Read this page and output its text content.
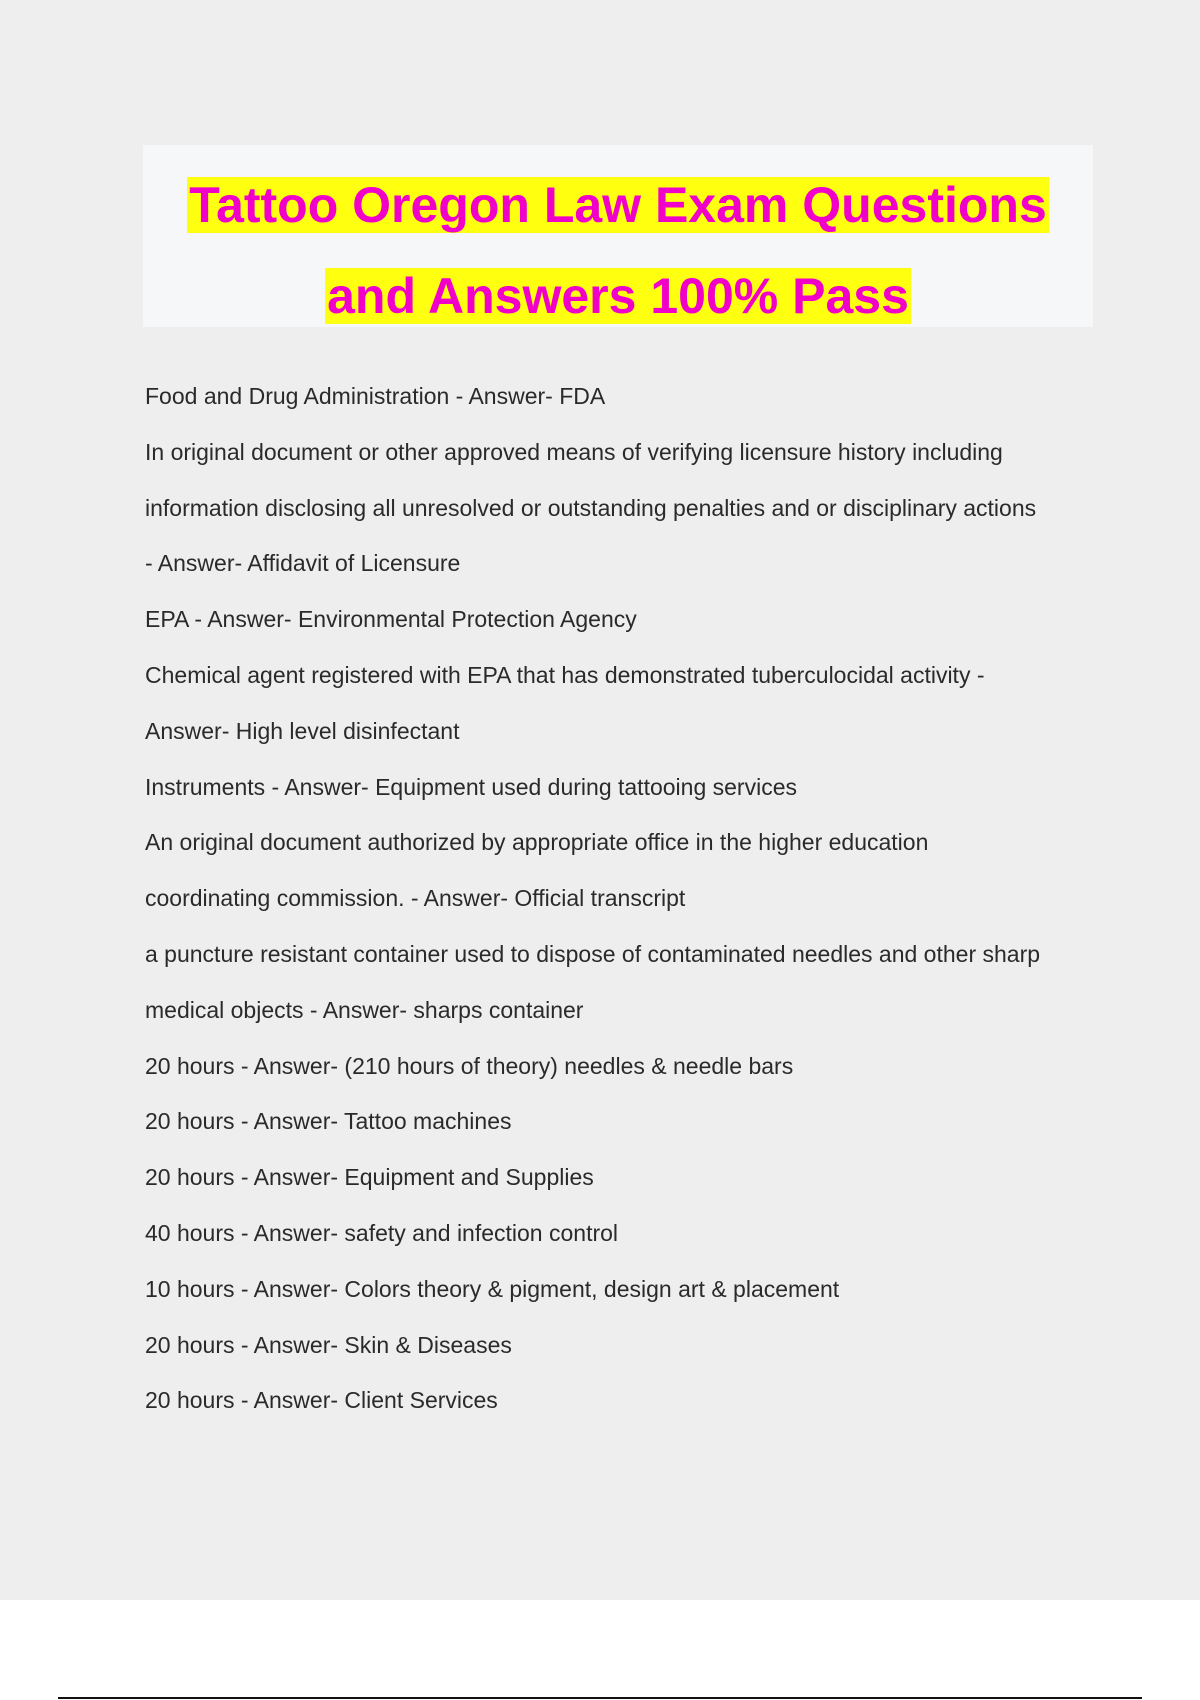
Tattoo Oregon Law Exam Questions
and Answers 100% Pass
Food and Drug Administration - Answer- FDA
In original document or other approved means of verifying licensure history including
information disclosing all unresolved or outstanding penalties and or disciplinary actions
- Answer- Affidavit of Licensure
EPA - Answer- Environmental Protection Agency
Chemical agent registered with EPA that has demonstrated tuberculocidal activity -
Answer- High level disinfectant
Instruments - Answer- Equipment used during tattooing services
An original document authorized by appropriate office in the higher education
coordinating commission. - Answer- Official transcript
a puncture resistant container used to dispose of contaminated needles and other sharp
medical objects - Answer- sharps container
20 hours - Answer- (210 hours of theory) needles & needle bars
20 hours - Answer- Tattoo machines
20 hours - Answer- Equipment and Supplies
40 hours - Answer- safety and infection control
10 hours - Answer- Colors theory & pigment, design art & placement
20 hours - Answer- Skin & Diseases
20 hours - Answer- Client Services
